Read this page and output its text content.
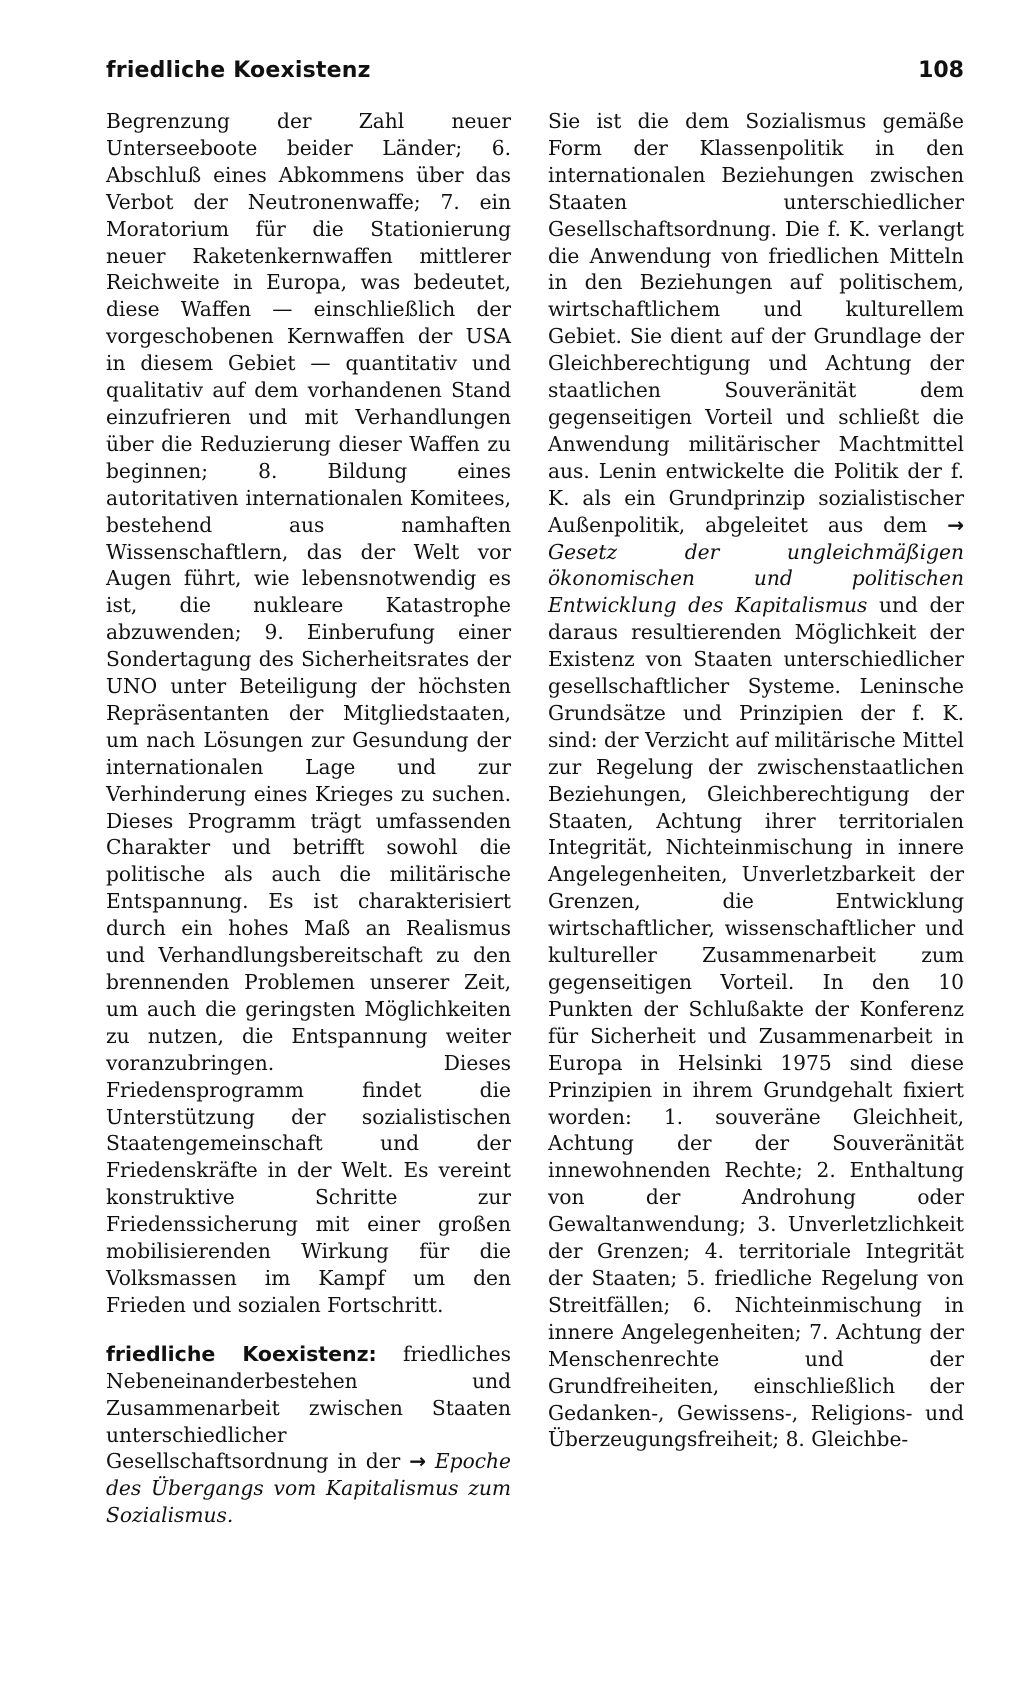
friedliche Koexistenz	108

Begrenzung der Zahl neuer Unterseeboote beider Länder; 6. Abschluß eines Abkommens über das Verbot der Neutronenwaffe; 7. ein Moratorium für die Stationierung neuer Raketenkernwaffen mittlerer Reichweite in Europa, was bedeutet, diese Waffen — einschließlich der vorgeschobenen Kernwaffen der USA in diesem Gebiet — quantitativ und qualitativ auf dem vorhandenen Stand einzufrieren und mit Verhandlungen über die Reduzierung dieser Waffen zu beginnen; 8. Bildung eines autoritativen internationalen Komitees, bestehend aus namhaften Wissenschaftlern, das der Welt vor Augen führt, wie lebensnotwendig es ist, die nukleare Katastrophe abzuwenden; 9. Einberufung einer Sondertagung des Sicherheitsrates der UNO unter Beteiligung der höchsten Repräsentanten der Mitgliedstaaten, um nach Lösungen zur Gesundung der internationalen Lage und zur Verhinderung eines Krieges zu suchen. Dieses Programm trägt umfassenden Charakter und betrifft sowohl die politische als auch die militärische Entspannung. Es ist charakterisiert durch ein hohes Maß an Realismus und Verhandlungsbereitschaft zu den brennenden Problemen unserer Zeit, um auch die geringsten Möglichkeiten zu nutzen, die Entspannung weiter voranzubringen. Dieses Friedensprogramm findet die Unterstützung der sozialistischen Staatengemeinschaft und der Friedenskräfte in der Welt. Es vereint konstruktive Schritte zur Friedenssicherung mit einer großen mobilisierenden Wirkung für die Volksmassen im Kampf um den Frieden und sozialen Fortschritt.

friedliche Koexistenz: friedliches Nebeneinanderbestehen und Zusammenarbeit zwischen Staaten unterschiedlicher Gesellschaftsordnung in der → Epoche des Übergangs vom Kapitalismus zum Sozialismus.

Sie ist die dem Sozialismus gemäße Form der Klassenpolitik in den internationalen Beziehungen zwischen Staaten unterschiedlicher Gesellschaftsordnung. Die f. K. verlangt die Anwendung von friedlichen Mitteln in den Beziehungen auf politischem, wirtschaftlichem und kulturellem Gebiet. Sie dient auf der Grundlage der Gleichberechtigung und Achtung der staatlichen Souveränität dem gegenseitigen Vorteil und schließt die Anwendung militärischer Machtmittel aus. Lenin entwickelte die Politik der f. K. als ein Grundprinzip sozialistischer Außenpolitik, abgeleitet aus dem → Gesetz der ungleichmäßigen ökonomischen und politischen Entwicklung des Kapitalismus und der daraus resultierenden Möglichkeit der Existenz von Staaten unterschiedlicher gesellschaftlicher Systeme. Leninsche Grundsätze und Prinzipien der f. K. sind: der Verzicht auf militärische Mittel zur Regelung der zwischenstaatlichen Beziehungen, Gleichberechtigung der Staaten, Achtung ihrer territorialen Integrität, Nichteinmischung in innere Angelegenheiten, Unverletzbarkeit der Grenzen, die Entwicklung wirtschaftlicher, wissenschaftlicher und kultureller Zusammenarbeit zum gegenseitigen Vorteil. In den 10 Punkten der Schlußakte der Konferenz für Sicherheit und Zusammenarbeit in Europa in Helsinki 1975 sind diese Prinzipien in ihrem Grundgehalt fixiert worden: 1. souveräne Gleichheit, Achtung der der Souveränität innewohnenden Rechte; 2. Enthaltung von der Androhung oder Gewaltanwendung; 3. Unverletzlichkeit der Grenzen; 4. territoriale Integrität der Staaten; 5. friedliche Regelung von Streitfällen; 6. Nichteinmischung in innere Angelegenheiten; 7. Achtung der Menschenrechte und der Grundfreiheiten, einschließlich der Gedanken-, Gewissens-, Religions- und Überzeugungsfreiheit; 8. Gleichbe-
